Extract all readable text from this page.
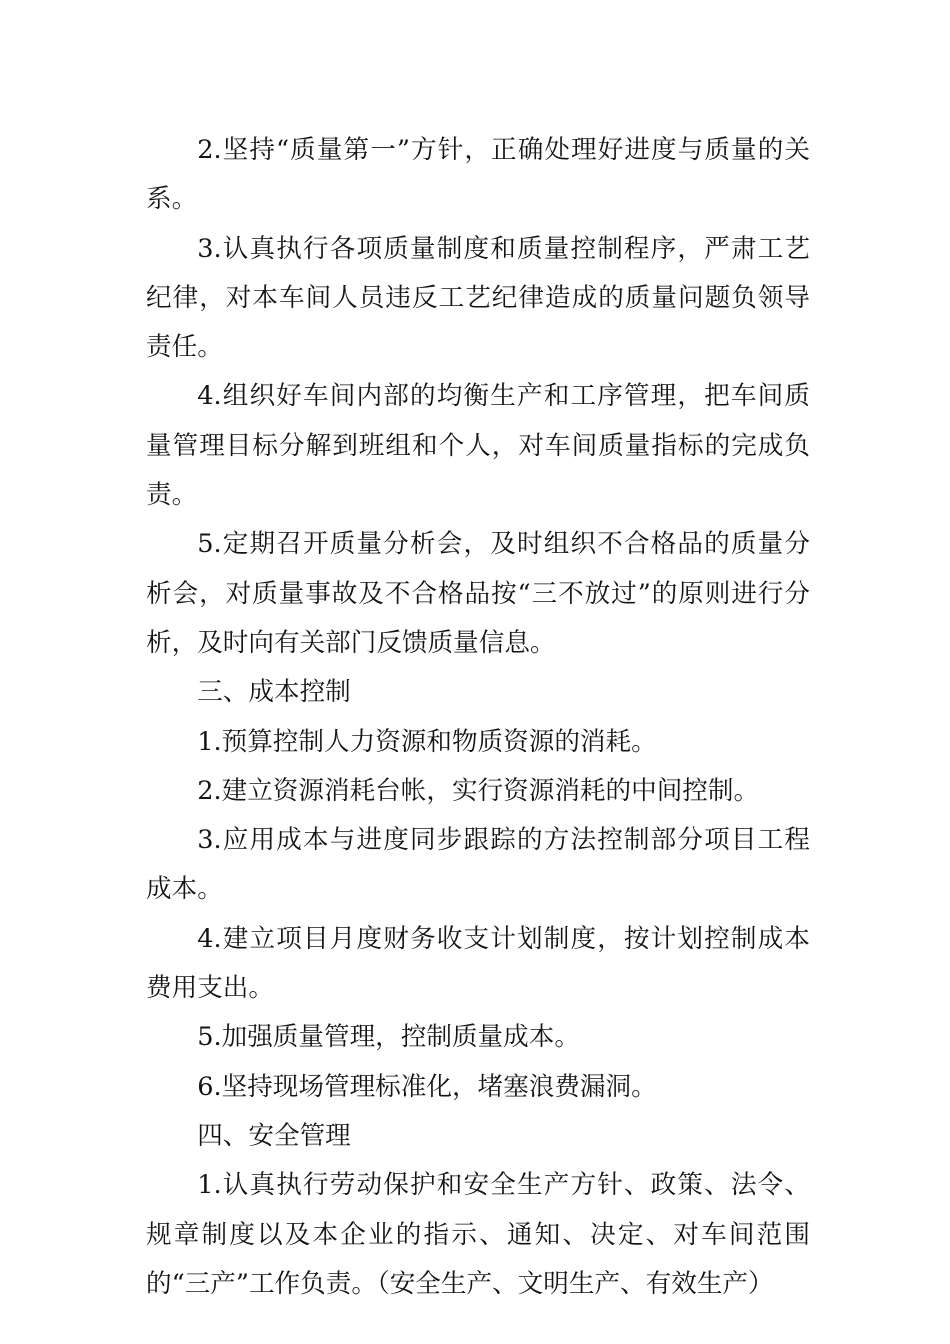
2.坚持“质量第一”方针，正确处理好进度与质量的关系。

3.认真执行各项质量制度和质量控制程序，严肃工艺纪律，对本车间人员违反工艺纪律造成的质量问题负领导责任。

4.组织好车间内部的均衡生产和工序管理，把车间质量管理目标分解到班组和个人，对车间质量指标的完成负责。

5.定期召开质量分析会，及时组织不合格品的质量分析会，对质量事故及不合格品按“三不放过”的原则进行分析，及时向有关部门反馈质量信息。

三、成本控制

1.预算控制人力资源和物质资源的消耗。

2.建立资源消耗台帐，实行资源消耗的中间控制。

3.应用成本与进度同步跟踪的方法控制部分项目工程成本。

4.建立项目月度财务收支计划制度，按计划控制成本费用支出。

5.加强质量管理，控制质量成本。

6.坚持现场管理标准化，堵塞浪费漏洞。

四、安全管理

1.认真执行劳动保护和安全生产方针、政策、法令、规章制度以及本企业的指示、通知、决定、对车间范围的“三产”工作负责。（安全生产、文明生产、有效生产）
